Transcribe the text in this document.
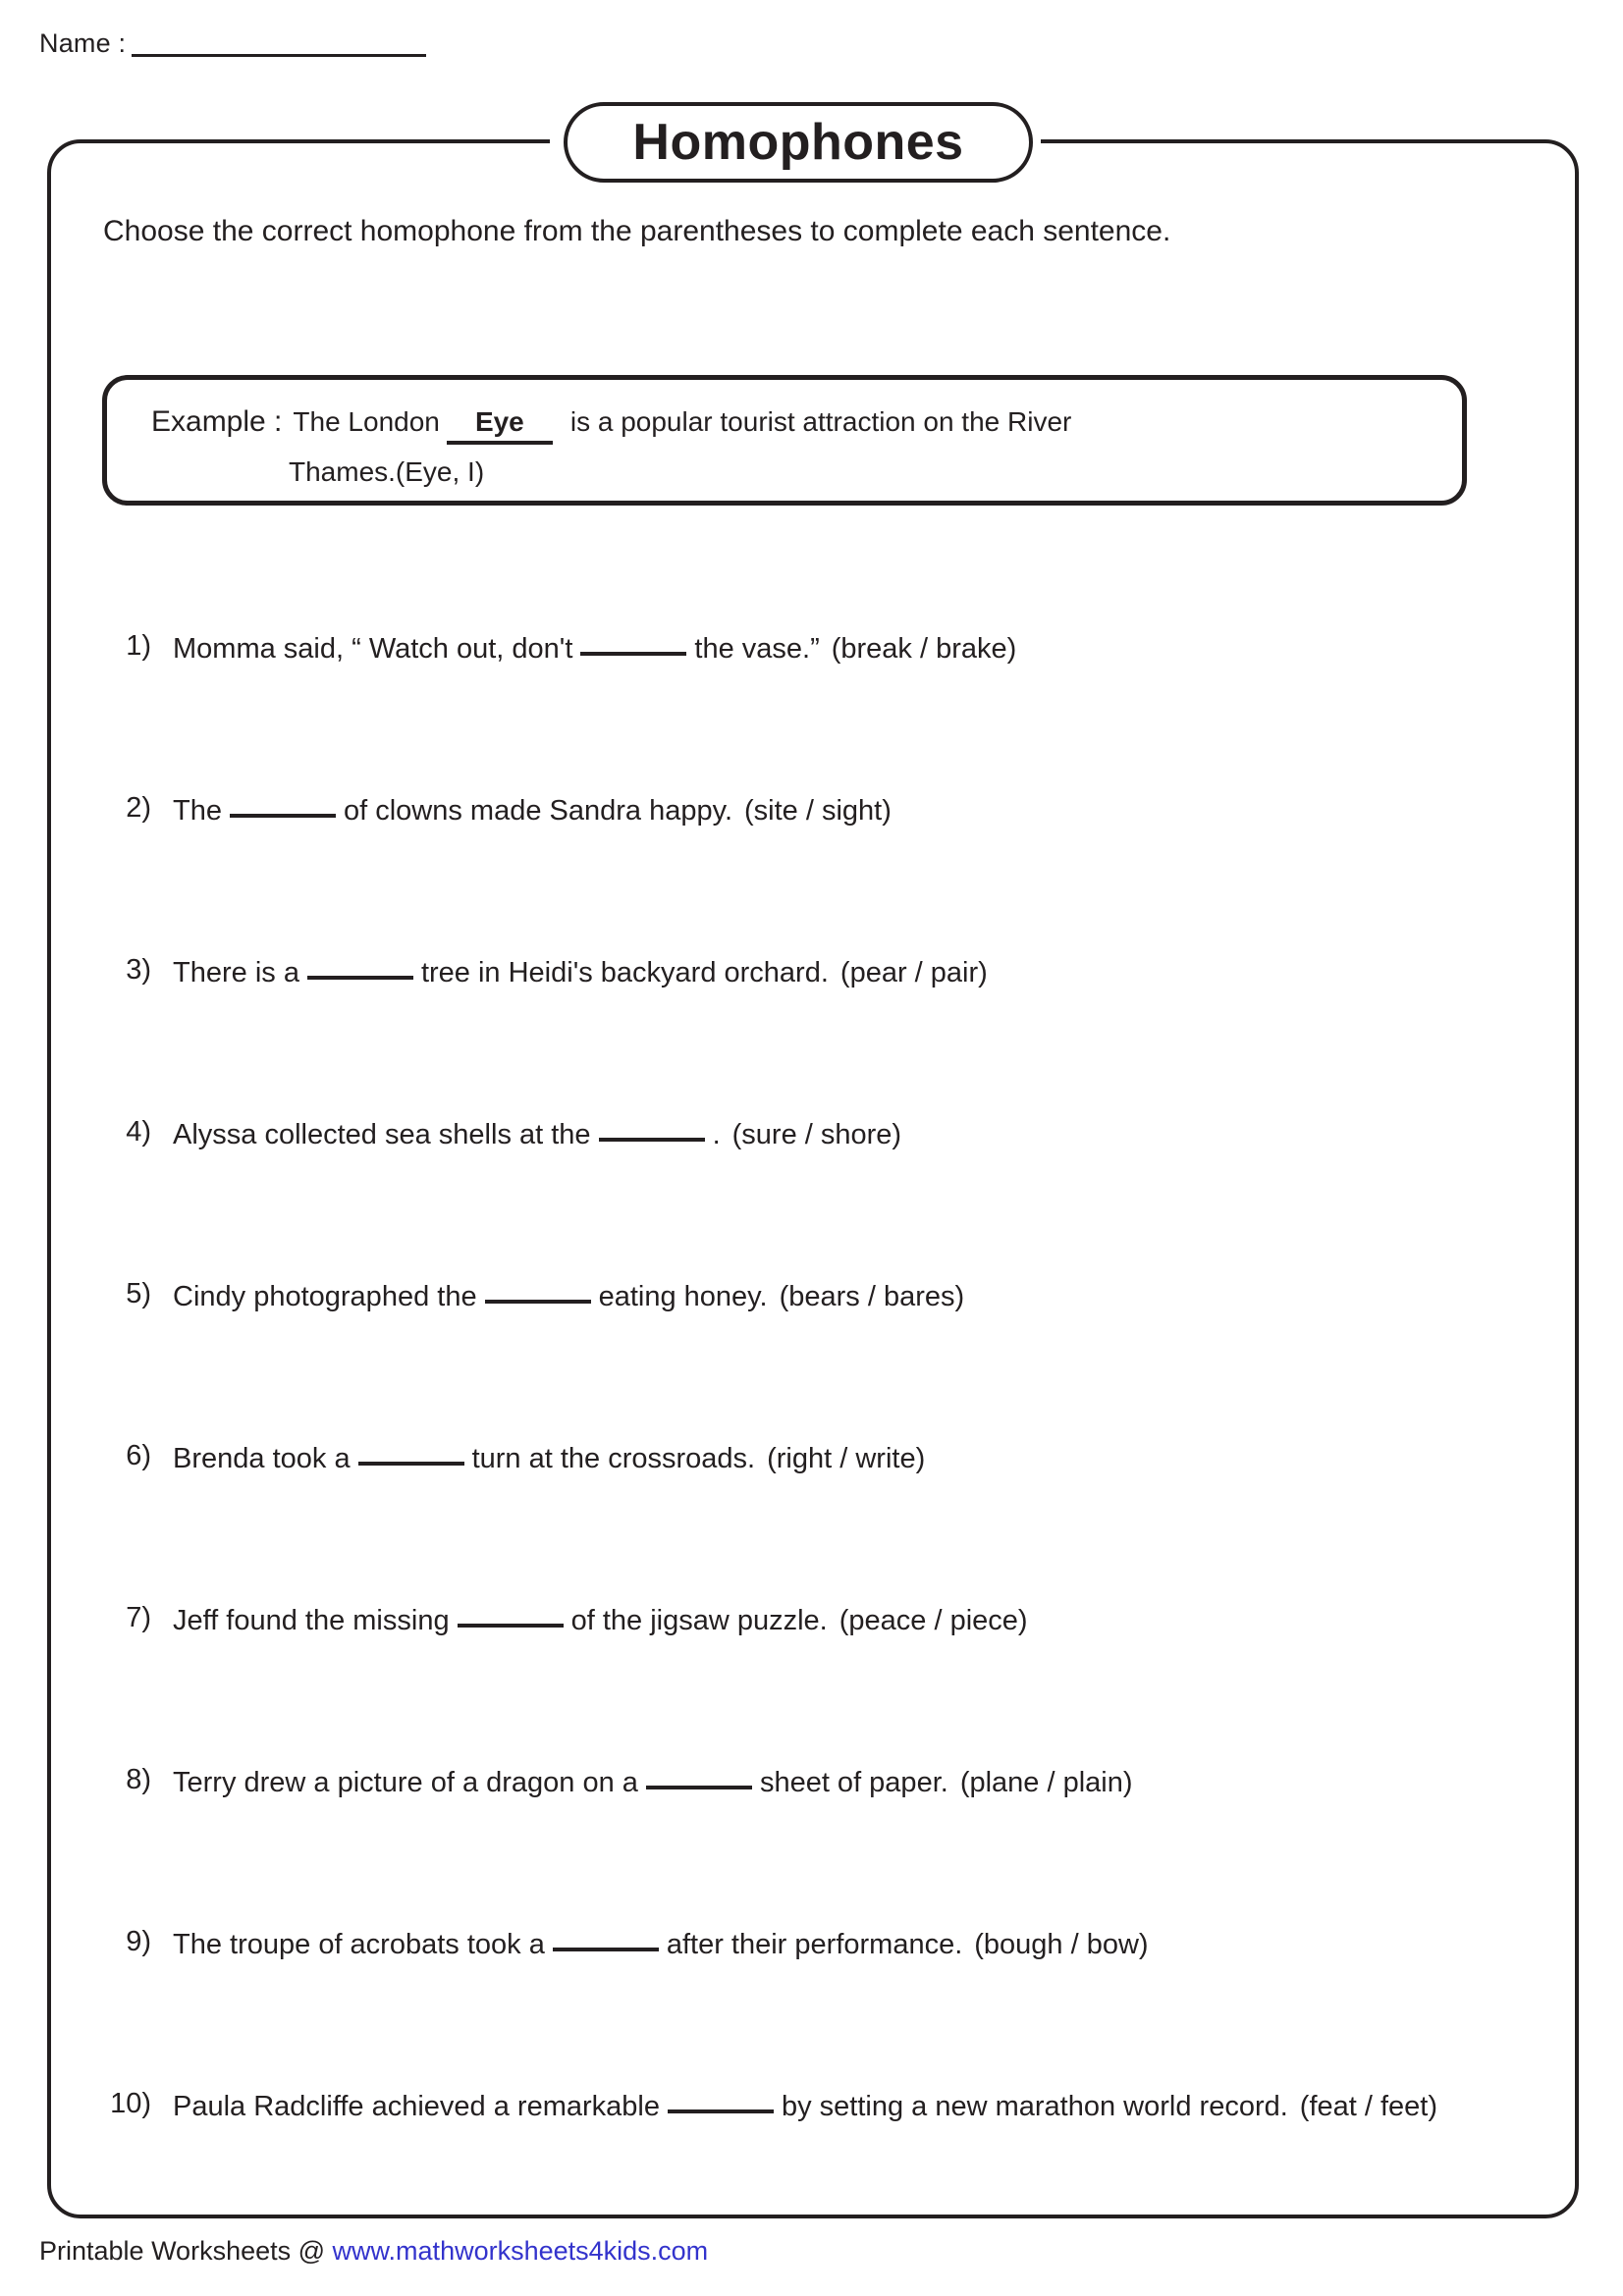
Name :
Homophones
Choose the correct homophone from the parentheses to complete each sentence.
Example : The London	Eye	is a popular tourist attraction on the River
Thames.(Eye, I)
1) Momma said, “ Watch out, don't	the vase.” (break / brake)
2) The	of clowns made Sandra happy. (site / sight)
3) There is a	tree in Heidi's backyard orchard. (pear / pair)
4) Alyssa collected sea shells at the	. (sure / shore)
5) Cindy photographed the	eating honey. (bears / bares)
6) Brenda took a	turn at the crossroads. (right / write)
7) Jeff found the missing	of the jigsaw puzzle. (peace / piece)
8) Terry drew a picture of a dragon on a	sheet of paper. (plane / plain)
9) The troupe of acrobats took a	after their performance. (bough / bow)
10) Paula Radcliffe achieved a remarkable	by setting a new marathon world record. (feat / feet)
Printable Worksheets @ www.mathworksheets4kids.com
